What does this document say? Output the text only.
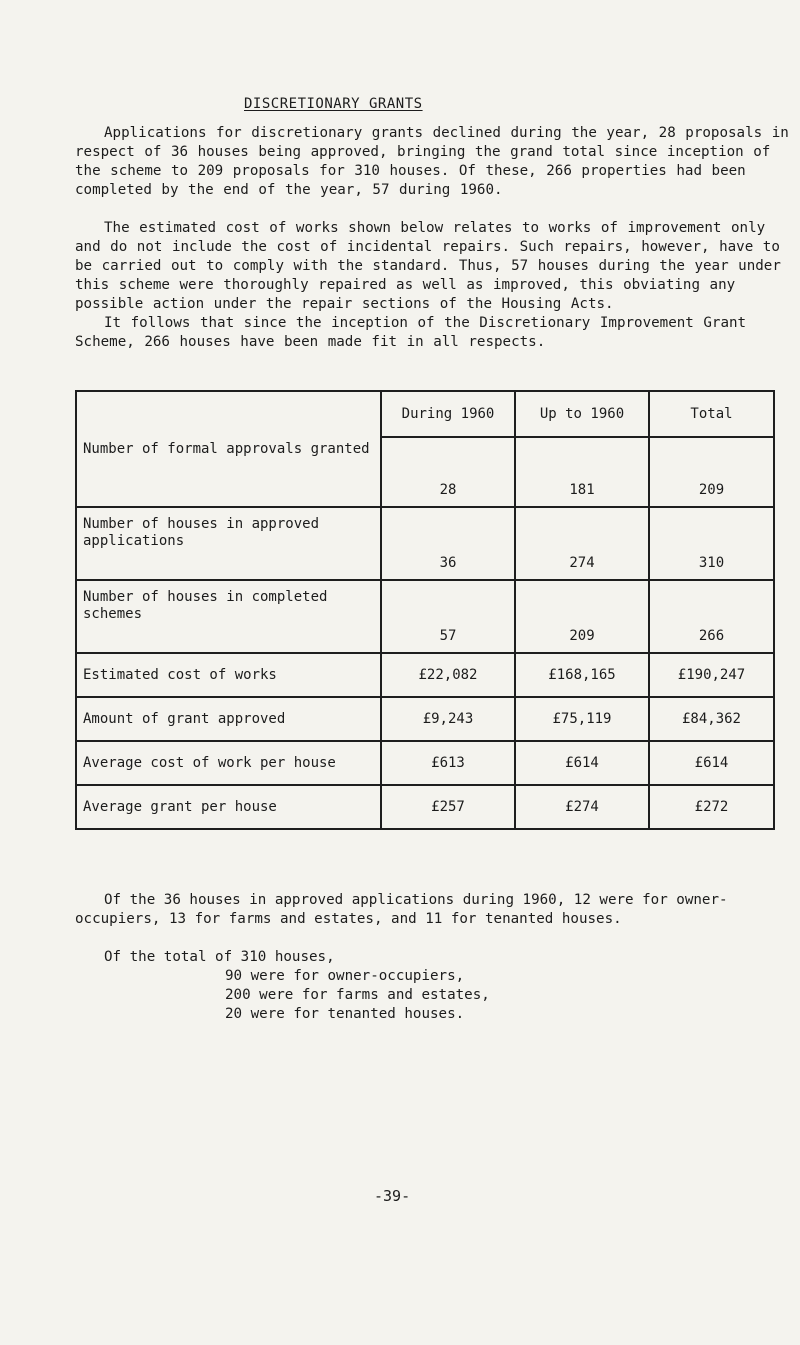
DISCRETIONARY GRANTS

Applications for discretionary grants declined during the year, 28 proposals in respect of 36 houses being approved, bringing the grand total since inception of the scheme to 209 proposals for 310 houses. Of these, 266 properties had been completed by the end of the year, 57 during 1960.

The estimated cost of works shown below relates to works of improvement only and do not include the cost of incidental repairs. Such repairs, however, have to be carried out to comply with the standard. Thus, 57 houses during the year under this scheme were thoroughly repaired as well as improved, this obviating any possible action under the repair sections of the Housing Acts.

It follows that since the inception of the Discretionary Improvement Grant Scheme, 266 houses have been made fit in all respects.

Number of formal approvals granted	During 1960	Up to 1960	Total
	28	181	209
Number of houses in approved applications	36	274	310
Number of houses in completed schemes	57	209	266
Estimated cost of works	£22,082	£168,165	£190,247
Amount of grant approved	£9,243	£75,119	£84,362
Average cost of work per house	£613	£614	£614
Average grant per house	£257	£274	£272

Of the 36 houses in approved applications during 1960, 12 were for owner-occupiers, 13 for farms and estates, and 11 for tenanted houses.

Of the total of 310 houses,

90 were for owner-occupiers,
200 were for farms and estates,
20 were for tenanted houses.
-39-
